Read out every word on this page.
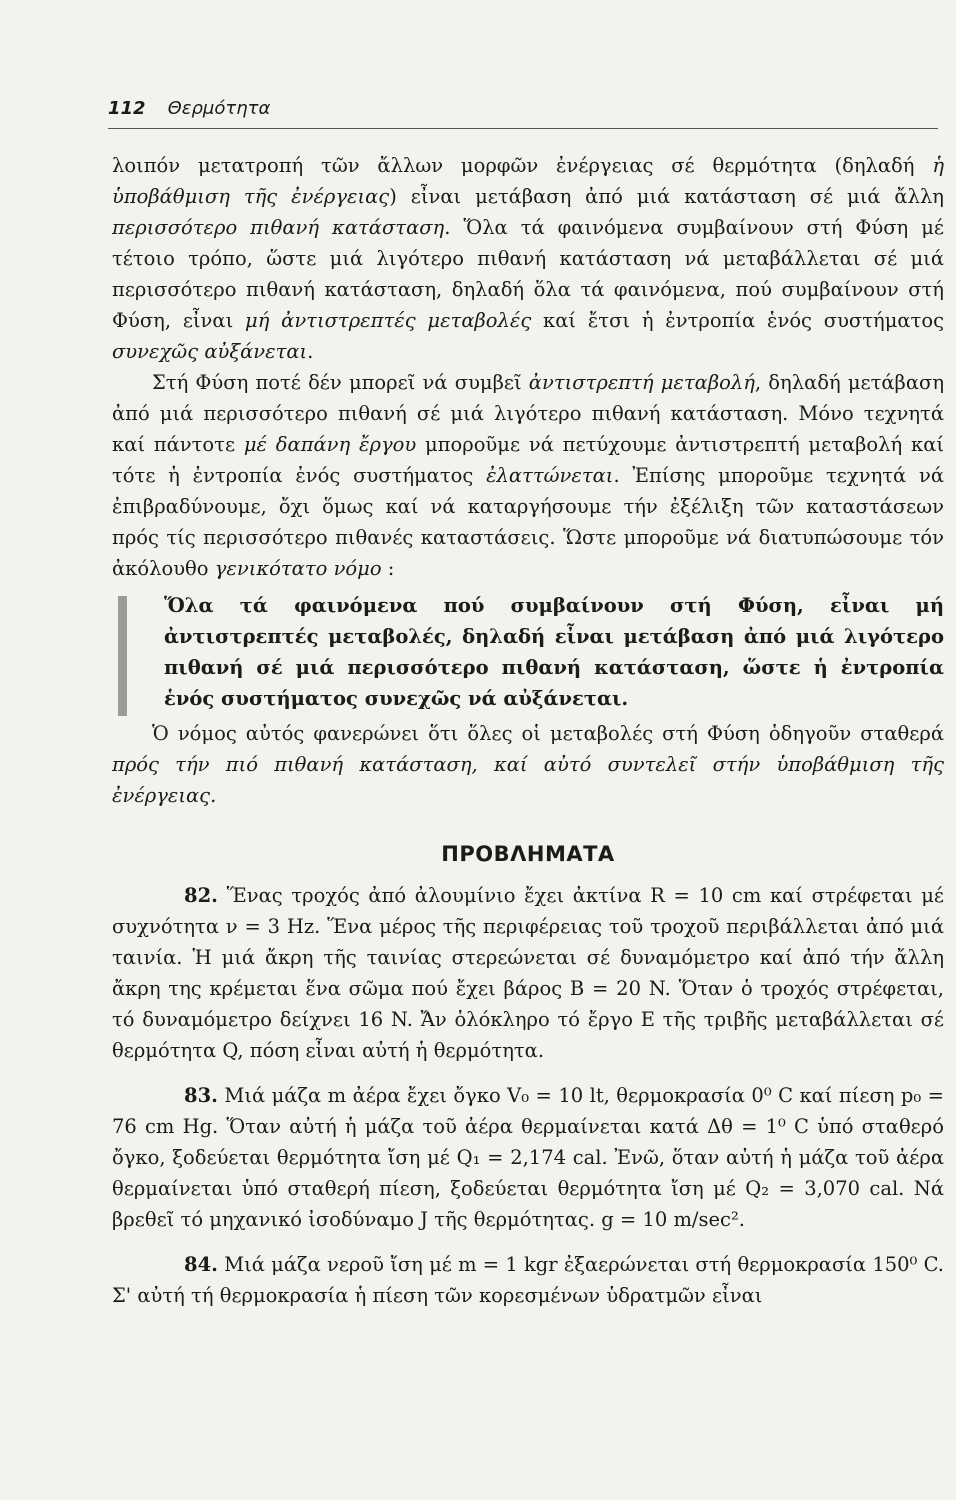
112 Θερμότητα

λοιπόν μετατροπή τῶν ἄλλων μορφῶν ἐνέργειας σέ θερμότητα (δηλαδή ἡ ὑποβάθμιση τῆς ἐνέργειας) εἶναι μετάβαση ἀπό μιά κατάσταση σέ μιά ἄλλη περισσότερο πιθανή κατάσταση. Ὅλα τά φαινόμενα συμβαίνουν στή Φύση μέ τέτοιο τρόπο, ὥστε μιά λιγότερο πιθανή κατάσταση νά μεταβάλλεται σέ μιά περισσότερο πιθανή κατάσταση, δηλαδή ὅλα τά φαινόμενα, πού συμβαίνουν στή Φύση, εἶναι μή ἀντιστρεπτές μεταβολές καί ἔτσι ἡ ἐντροπία ἑνός συστήματος συνεχῶς αὐξάνεται.

Στή Φύση ποτέ δέν μπορεῖ νά συμβεῖ ἀντιστρεπτή μεταβολή, δηλαδή μετάβαση ἀπό μιά περισσότερο πιθανή σέ μιά λιγότερο πιθανή κατάσταση. Μόνο τεχνητά καί πάντοτε μέ δαπάνη ἔργου μποροῦμε νά πετύχουμε ἀντιστρεπτή μεταβολή καί τότε ἡ ἐντροπία ἑνός συστήματος ἐλαττώνεται. Ἐπίσης μποροῦμε τεχνητά νά ἐπιβραδύνουμε, ὄχι ὅμως καί νά καταργήσουμε τήν ἐξέλιξη τῶν καταστάσεων πρός τίς περισσότερο πιθανές καταστάσεις. Ὥστε μποροῦμε νά διατυπώσουμε τόν ἀκόλουθο γενικότατο νόμο :

Ὅλα τά φαινόμενα πού συμβαίνουν στή Φύση, εἶναι μή ἀντιστρεπτές μεταβολές, δηλαδή εἶναι μετάβαση ἀπό μιά λιγότερο πιθανή σέ μιά περισσότερο πιθανή κατάσταση, ὥστε ἡ ἐντροπία ἑνός συστήματος συνεχῶς νά αὐξάνεται.

Ὁ νόμος αὐτός φανερώνει ὅτι ὅλες οἱ μεταβολές στή Φύση ὁδηγοῦν σταθερά πρός τήν πιό πιθανή κατάσταση, καί αὐτό συντελεῖ στήν ὑποβάθμιση τῆς ἐνέργειας.

ΠΡΟΒΛΗΜΑΤΑ

82. Ἕνας τροχός ἀπό ἀλουμίνιο ἔχει ἀκτίνα R = 10 cm καί στρέφεται μέ συχνότητα ν = 3 Hz. Ἕνα μέρος τῆς περιφέρειας τοῦ τροχοῦ περιβάλλεται ἀπό μιά ταινία. Ἡ μιά ἄκρη τῆς ταινίας στερεώνεται σέ δυναμόμετρο καί ἀπό τήν ἄλλη ἄκρη της κρέμεται ἕνα σῶμα πού ἔχει βάρος B = 20 N. Ὅταν ὁ τροχός στρέφεται, τό δυναμόμετρο δείχνει 16 N. Ἄν ὁλόκληρο τό ἔργο E τῆς τριβῆς μεταβάλλεται σέ θερμότητα Q, πόση εἶναι αὐτή ἡ θερμότητα.

83. Μιά μάζα m ἀέρα ἔχει ὄγκο V₀ = 10 lt, θερμοκρασία 0⁰ C καί πίεση p₀ = 76 cm Hg. Ὅταν αὐτή ἡ μάζα τοῦ ἀέρα θερμαίνεται κατά Δθ = 1⁰ C ὑπό σταθερό ὄγκο, ξοδεύεται θερμότητα ἴση μέ Q₁ = 2,174 cal. Ἐνῶ, ὅταν αὐτή ἡ μάζα τοῦ ἀέρα θερμαίνεται ὑπό σταθερή πίεση, ξοδεύεται θερμότητα ἴση μέ Q₂ = 3,070 cal. Νά βρεθεῖ τό μηχανικό ἰσοδύναμο J τῆς θερμότητας. g = 10 m/sec².

84. Μιά μάζα νεροῦ ἴση μέ m = 1 kgr ἐξαερώνεται στή θερμοκρασία 150⁰ C. Σ' αὐτή τή θερμοκρασία ἡ πίεση τῶν κορεσμένων ὑδρατμῶν εἶναι
